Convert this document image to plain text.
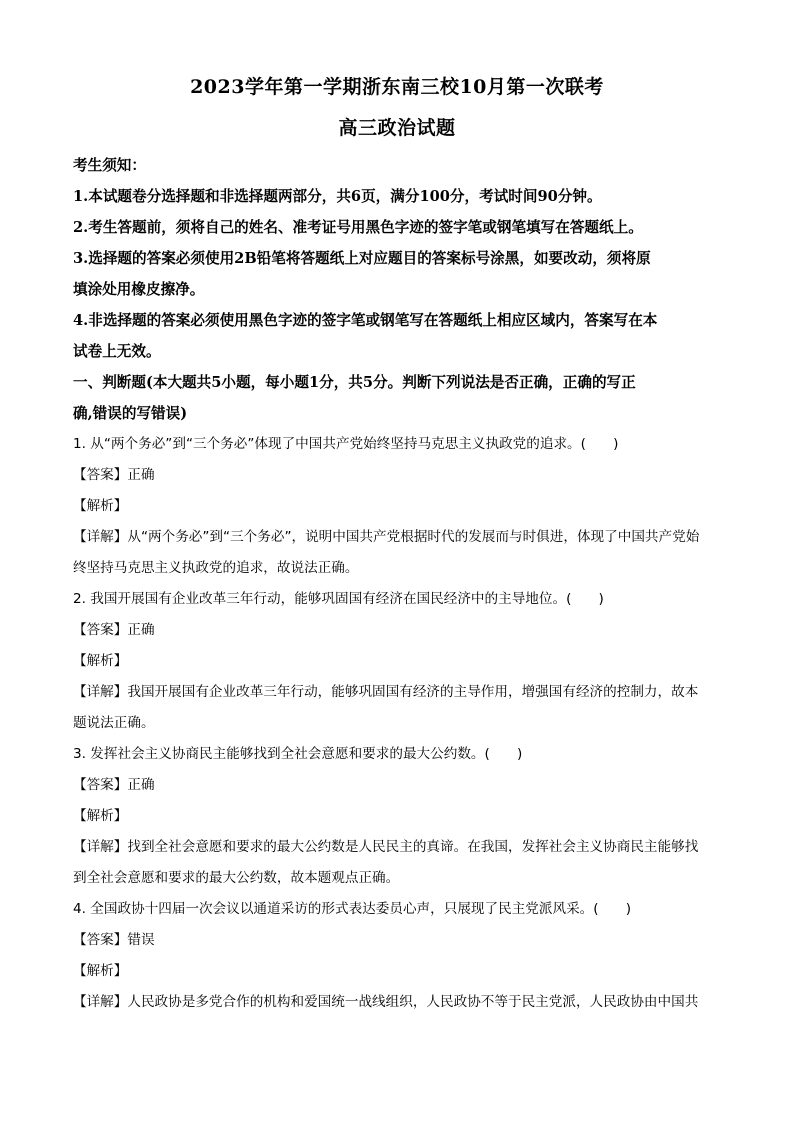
2023学年第一学期浙东南三校10月第一次联考
高三政治试题
考生须知：
1.本试题卷分选择题和非选择题两部分，共6页，满分100分，考试时间90分钟。
2.考生答题前，须将自己的姓名、准考证号用黑色字迹的签字笔或钢笔填写在答题纸上。
3.选择题的答案必须使用2B铅笔将答题纸上对应题目的答案标号涂黑，如要改动，须将原
填涂处用橡皮擦净。
4.非选择题的答案必须使用黑色字迹的签字笔或钢笔写在答题纸上相应区域内，答案写在本
试卷上无效。
一、判断题(本大题共5小题，每小题1分，共5分。判断下列说法是否正确，正确的写正
确,错误的写错误)
1. 从“两个务必”到“三个务必”体现了中国共产党始终坚持马克思主义执政党的追求。(　　)
【答案】正确
【解析】
【详解】从“两个务必”到“三个务必”，说明中国共产党根据时代的发展而与时俱进，体现了中国共产党始
终坚持马克思主义执政党的追求，故说法正确。
2. 我国开展国有企业改革三年行动，能够巩固国有经济在国民经济中的主导地位。(　　)
【答案】正确
【解析】
【详解】我国开展国有企业改革三年行动，能够巩固国有经济的主导作用，增强国有经济的控制力，故本
题说法正确。
3. 发挥社会主义协商民主能够找到全社会意愿和要求的最大公约数。(　　)
【答案】正确
【解析】
【详解】找到全社会意愿和要求的最大公约数是人民民主的真谛。在我国，发挥社会主义协商民主能够找
到全社会意愿和要求的最大公约数，故本题观点正确。
4. 全国政协十四届一次会议以通道采访的形式表达委员心声，只展现了民主党派风采。(　　)
【答案】错误
【解析】
【详解】人民政协是多党合作的机构和爱国统一战线组织，人民政协不等于民主党派，人民政协由中国共
